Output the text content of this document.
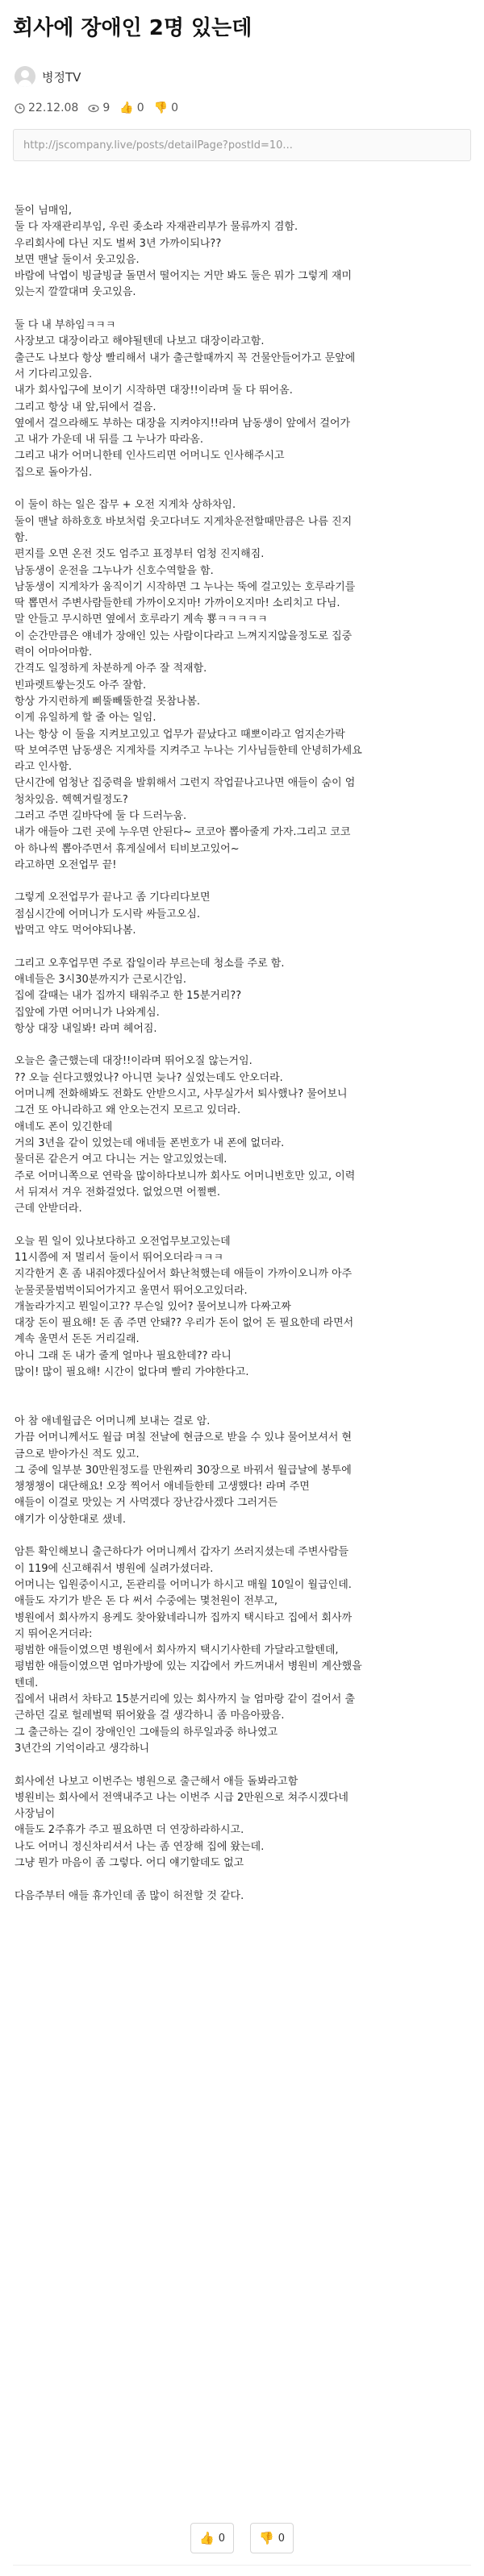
회사에 장애인 2명 있는데
병정TV
22.12.08 9 👍 0 👎 0
http://jscompany.live/posts/detailPage?postId=10...
둘이 님매임,
둘 다 자재관리부임, 우린 좆소라 자재관리부가 물류까지 겸함.
우리회사에 다닌 지도 벌써 3년 가까이되나??
보면 맨날 둘이서 웃고있음.
바람에 낙엽이 빙글빙글 돌면서 떨어지는 거만 봐도 둘은 뭐가 그렇게 재미
있는지 깔깔대며 웃고있음.
둘 다 내 부하임ㅋㅋㅋ
사장보고 대장이라고 해야될텐데 나보고 대장이라고함.
출근도 나보다 항상 빨리해서 내가 출근할때까지 꼭 건물안들어가고 문앞에
서 기다리고있음.
내가 회사입구에 보이기 시작하면 대장!!이라며 둘 다 뛰어옴.
그리고 항상 내 앞,뒤에서 걸음.
옆에서 걸으라해도 부하는 대장을 지켜야지!!라며 남동생이 앞에서 걸어가
고 내가 가운데 내 뒤를 그 누나가 따라옴.
그리고 내가 어머니한테 인사드리면 어머니도 인사해주시고
집으로 돌아가심.
이 둘이 하는 일은 잡무 + 오전 지게차 상하차임.
둘이 맨날 하하호호 바보처럼 웃고다녀도 지게차운전할때만큼은 나름 진지
함.
편지를 오면 온전 것도 엄주고 표정부터 엄청 진지해짐.
남동생이 운전을 그누나가 신호수역할을 함.
남동생이 지게차가 움직이기 시작하면 그 누나는 뚝에 걸고있는 호루라기를
딱 뽑면서 주변사람들한테 가까이오지마! 가까이오지마! 소리치고 다님.
말 안들고 무시하면 옆에서 호루라기 계속 뿅ㅋㅋㅋㅋㅋ
이 순간만큼은 얘네가 장애인 있는 사람이다라고 느껴지지않을정도로 집중
력이 어마어마함.
간격도 일정하게 차분하게 아주 잘 적재함.
빈파렛트쌓는것도 아주 잘함.
항상 가지런하게 삐뚤빼뚤한걸 못참나봄.
이게 유일하게 할 줄 아는 일임.
나는 항상 이 둘을 지켜보고있고 업무가 끝났다고 때뽀이라고 엄지손가락
딱 보여주면 남동생은 지게차를 지켜주고 누나는 기사님들한테 안녕히가세요
라고 인사함.
단시간에 엄청난 집중력을 발휘해서 그런지 작업끝나고나면 애들이 숨이 엄
청차있음. 헥헥거릴정도?
그러고 주면 길바닥에 둘 다 드러누움.
내가 애들아 그런 곳에 누우면 안된다~ 코코아 뽑아줄게 가자.그리고 코코
아 하나씩 뽑아주면서 휴게실에서 티비보고있어~
라고하면 오전업무 끝!
그렇게 오전업무가 끝나고 좀 기다리다보면
점심시간에 어머니가 도시락 싸들고오심.
밥먹고 약도 먹어야되나봄.
그리고 오후업무면 주로 잡일이라 부르는데 청소를 주로 함.
애네들은 3시30분까지가 근로시간임.
집에 갈때는 내가 집까지 태워주고 한 15분거리??
집앞에 가면 어머니가 나와계심.
항상 대장 내일봐! 라며 헤어짐.
오늘은 출근했는데 대장!!이라며 뛰어오질 않는거임.
?? 오늘 쉰다고했었나? 아니면 늦나? 싶었는데도 안오더라.
어머니께 전화해봐도 전화도 안받으시고, 사무실가서 퇴사했나? 물어보니
그건 또 아니라하고 왜 안오는건지 모르고 있더라.
애네도 폰이 있긴한데
거의 3년을 같이 있었는데 애네들 폰번호가 내 폰에 없더라.
물더론 같은거 여고 다니는 거는 알고있었는데.
주로 어머니쪽으로 연락을 많이하다보니까 회사도 어머니번호만 있고, 이력
서 뒤져서 겨우 전화걸었다. 없었으면 어쩔뻔.
근데 안받더라.
오늘 뭔 일이 있나보다하고 오전업무보고있는데
11시쯤에 저 멀리서 둘이서 뛰어오더라ㅋㅋㅋ
지각한거 혼 좀 내줘야겠다싶어서 화난척했는데 애들이 가까이오니까 아주
눈물콧물범벅이되어가지고 울면서 뛰어오고있더라.
개놀라가지고 뭔일이고?? 무슨일 있어? 물어보니까 다짜고짜
대장 돈이 필요해! 돈 좀 주면 안돼?? 우리가 돈이 없어 돈 필요한데 라면서
계속 울면서 돈돈 거리길래.
아니 그래 돈 내가 줄게 얼마나 필요한데?? 라니
많이! 많이 필요해! 시간이 없다며 빨리 가야한다고.
아 참 애네월급은 어머니께 보내는 걸로 암.
가끔 어머니께서도 월급 며칠 전날에 현금으로 받을 수 있냐 물어보셔서 현
금으로 받아가신 적도 있고.
그 중에 일부분 30만원정도를 만원짜리 30장으로 바꿔서 월급날에 봉투에
챙챙챙이 대단해요! 오장 찍어서 애네들한테 고생했다! 라며 주면
애들이 이걸로 맛있는 거 사먹겠다 장난감사겠다 그러거든
얘기가 이상한대로 샜네.
암튼 확인해보니 출근하다가 어머니께서 갑자기 쓰러지셨는데 주변사람들
이 119에 신고해줘서 병원에 실려가셨더라.
어머니는 입원중이시고, 돈관리를 어머니가 하시고 매월 10일이 월급인데.
애들도 자기가 받은 돈 다 써서 수중에는 몇천원이 전부고,
병원에서 회사까지 용케도 찾아왔네라니까 집까지 택시타고 집에서 회사까
지 뛰어온거더라:
평범한 애들이였으면 병원에서 회사까지 택시기사한테 가달라고할텐데,
평범한 애들이였으면 엄마가방에 있는 지갑에서 카드꺼내서 병원비 계산했을
텐데.
집에서 내려서 차타고 15분거리에 있는 회사까지 늘 엄마랑 같이 걸어서 출
근하던 길로 헐레벌떡 뛰어왔을 걸 생각하니 좀 마음아팠음.
그 출근하는 길이 장애인인 그애들의 하루일과중 하나였고
3년간의 기억이라고 생각하니
회사에선 나보고 이번주는 병원으로 출근해서 애들 돌봐라고함
병원비는 회사에서 전액내주고 나는 이번주 시급 2만원으로 쳐주시겠다네
사장님이
애들도 2주휴가 주고 필요하면 더 연장하라하시고.
나도 어머니 정신차리셔서 나는 좀 연장해 집에 왔는데.
그냥 뭔가 마음이 좀 그렇다. 어디 얘기할데도 없고
다음주부터 애들 휴가인데 좀 많이 허전할 것 같다.
👍 0	👎 0
